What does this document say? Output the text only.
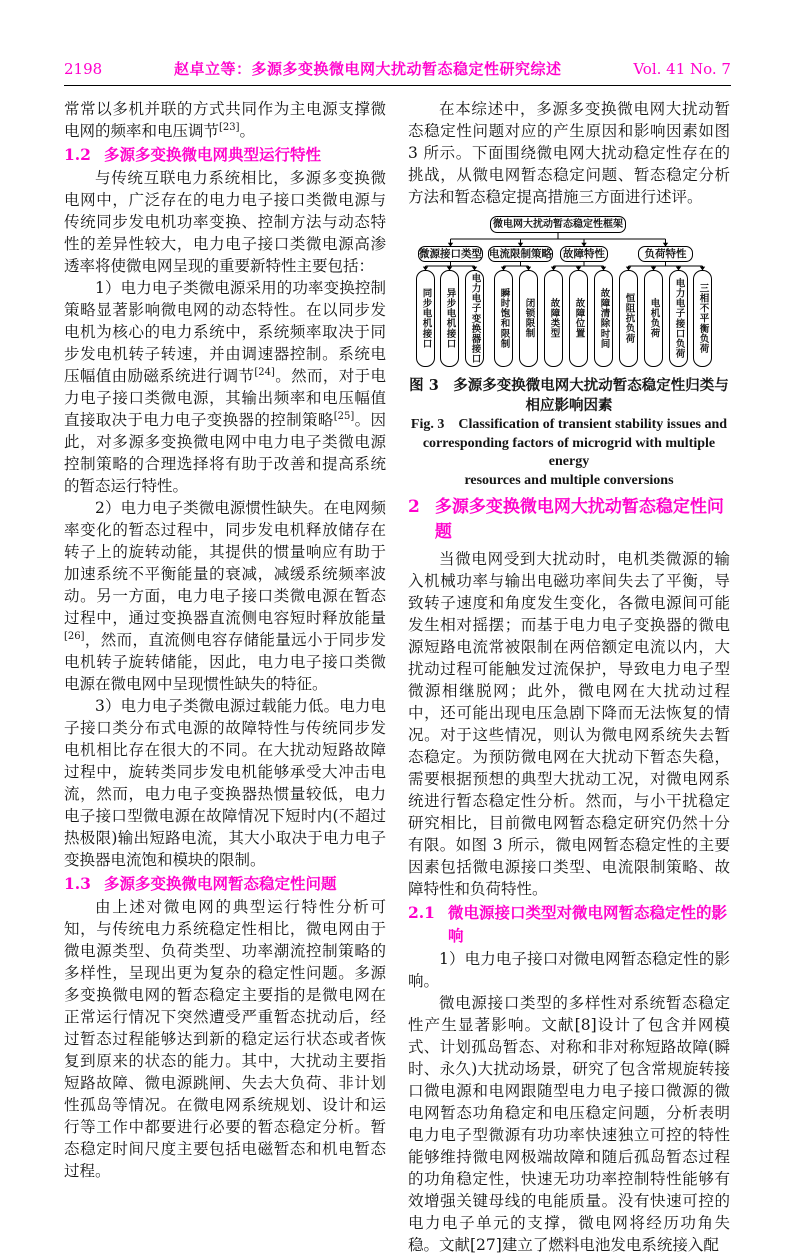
2198	赵卓立等：多源多变换微电网大扰动暂态稳定性研究综述	Vol. 41 No. 7

常常以多机并联的方式共同作为主电源支撑微电网的频率和电压调节[23]。

1.2 多源多变换微电网典型运行特性

与传统互联电力系统相比，多源多变换微电网中，广泛存在的电力电子接口类微电源与传统同步发电机功率变换、控制方法与动态特性的差异性较大，电力电子接口类微电源高渗透率将使微电网呈现的重要新特性主要包括：

1）电力电子类微电源采用的功率变换控制策略显著影响微电网的动态特性。在以同步发电机为核心的电力系统中，系统频率取决于同步发电机转子转速，并由调速器控制。系统电压幅值由励磁系统进行调节[24]。然而，对于电力电子接口类微电源，其输出频率和电压幅值直接取决于电力电子变换器的控制策略[25]。因此，对多源多变换微电网中电力电子类微电源控制策略的合理选择将有助于改善和提高系统的暂态运行特性。

2）电力电子类微电源惯性缺失。在电网频率变化的暂态过程中，同步发电机释放储存在转子上的旋转动能，其提供的惯量响应有助于加速系统不平衡能量的衰减，减缓系统频率波动。另一方面，电力电子接口类微电源在暂态过程中，通过变换器直流侧电容短时释放能量[26]，然而，直流侧电容存储能量远小于同步发电机转子旋转储能，因此，电力电子接口类微电源在微电网中呈现惯性缺失的特征。

3）电力电子类微电源过载能力低。电力电子接口类分布式电源的故障特性与传统同步发电机相比存在很大的不同。在大扰动短路故障过程中，旋转类同步发电机能够承受大冲击电流，然而，电力电子变换器热惯量较低，电力电子接口型微电源在故障情况下短时内(不超过热极限)输出短路电流，其大小取决于电力电子变换器电流饱和模块的限制。

1.3 多源多变换微电网暂态稳定性问题

由上述对微电网的典型运行特性分析可知，与传统电力系统稳定性相比，微电网由于微电源类型、负荷类型、功率潮流控制策略的多样性，呈现出更为复杂的稳定性问题。多源多变换微电网的暂态稳定主要指的是微电网在正常运行情况下突然遭受严重暂态扰动后，经过暂态过程能够达到新的稳定运行状态或者恢复到原来的状态的能力。其中，大扰动主要指短路故障、微电源跳闸、失去大负荷、非计划性孤岛等情况。在微电网系统规划、设计和运行等工作中都要进行必要的暂态稳定分析。暂态稳定时间尺度主要包括电磁暂态和机电暂态过程。

在本综述中，多源多变换微电网大扰动暂态稳定性问题对应的产生原因和影响因素如图 3 所示。下面围绕微电网大扰动稳定性存在的挑战，从微电网暂态稳定问题、暂态稳定分析方法和暂态稳定提高措施三方面进行述评。

微电网大扰动暂态稳定性框架
微源接口类型 电流限制策略 故障特性	负荷特性
同步电机接口	异步电机接口	电力电子变换器接口	瞬时饱和限制	闭锁限制	故障类型	故障位置	故障清除时间	恒阻抗负荷	电机负荷	电力电子接口负荷	三相不平衡负荷
图 3　多源多变换微电网大扰动暂态稳定性归类与
相应影响因素
Fig. 3　Classification of transient stability issues and
corresponding factors of microgrid with multiple energy
resources and multiple conversions
2 多源多变换微电网大扰动暂态稳定性问题

当微电网受到大扰动时，电机类微源的输入机械功率与输出电磁功率间失去了平衡，导致转子速度和角度发生变化，各微电源间可能发生相对摇摆；而基于电力电子变换器的微电源短路电流常被限制在两倍额定电流以内，大扰动过程可能触发过流保护，导致电力电子型微源相继脱网；此外，微电网在大扰动过程中，还可能出现电压急剧下降而无法恢复的情况。对于这些情况，则认为微电网系统失去暂态稳定。为预防微电网在大扰动下暂态失稳，需要根据预想的典型大扰动工况，对微电网系统进行暂态稳定性分析。然而，与小干扰稳定研究相比，目前微电网暂态稳定研究仍然十分有限。如图 3 所示，微电网暂态稳定性的主要因素包括微电源接口类型、电流限制策略、故障特性和负荷特性。

2.1 微电源接口类型对微电网暂态稳定性的影响

1）电力电子接口对微电网暂态稳定性的影响。

微电源接口类型的多样性对系统暂态稳定性产生显著影响。文献[8]设计了包含并网模式、计划孤岛暂态、对称和非对称短路故障(瞬时、永久)大扰动场景，研究了包含常规旋转接口微电源和电网跟随型电力电子接口微源的微电网暂态功角稳定和电压稳定问题，分析表明电力电子型微源有功功率快速独立可控的特性能够维持微电网极端故障和随后孤岛暂态过程的功角稳定性，快速无功功率控制特性能够有效增强关键母线的电能质量。没有快速可控的电力电子单元的支撑，微电网将经历功角失稳。文献[27]建立了燃料电池发电系统接入配
